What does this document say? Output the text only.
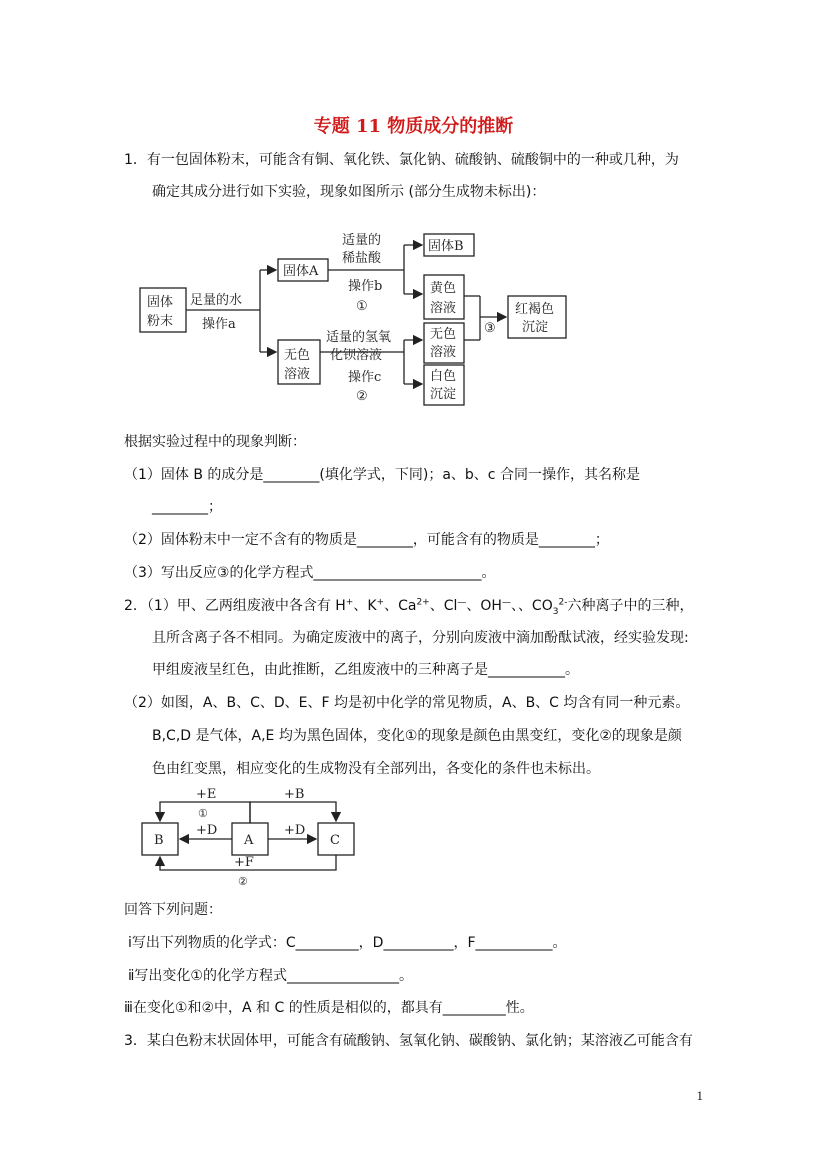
专题 11 物质成分的推断
1．有一包固体粉末，可能含有铜、氧化铁、氯化钠、硫酸钠、硫酸铜中的一种或几种，为
确定其成分进行如下实验，现象如图所示 (部分生成物未标出)：
固体
粉末
足量的水
操作a
固体A
适量的
稀盐酸
操作b
①
固体B
黄色
溶液
无色
溶液
适量的氢氧
化钡溶液
操作c
②
无色
溶液
白色
沉淀
③
红褐色
沉淀
根据实验过程中的现象判断：
（1）固体 B 的成分是________(填化学式，下同)；a、b、c 合同一操作，其名称是
________；
（2）固体粉末中一定不含有的物质是________，可能含有的物质是________；
（3）写出反应③的化学方程式________________________。
2．（1）甲、乙两组废液中各含有 H+、K+、$Ca^{2+}$、Cl—、OH—、、$CO_3^{2-}$六种离子中的三种，
且所含离子各不相同。为确定废液中的离子，分别向废液中滴加酚酞试液，经实验发现:
甲组废液呈红色，由此推断，乙组废液中的三种离子是___________。
（2）如图，A、B、C、D、E、F 均是初中化学的常见物质，A、B、C 均含有同一种元素。
B,C,D 是气体，A,E 均为黑色固体，变化①的现象是颜色由黑变红，变化②的现象是颜
色由红变黑，相应变化的生成物没有全部列出，各变化的条件也未标出。
B	A	C
+E
①
+D
+B
+D
+F
②
回答下列问题：
ⅰ写出下列物质的化学式：C_________，D__________，F___________。
ⅱ写出变化①的化学方程式________________。
ⅲ在变化①和②中，A 和 C 的性质是相似的，都具有_________性。
3．某白色粉末状固体甲，可能含有硫酸钠、氢氧化钠、碳酸钠、氯化钠；某溶液乙可能含有
1
